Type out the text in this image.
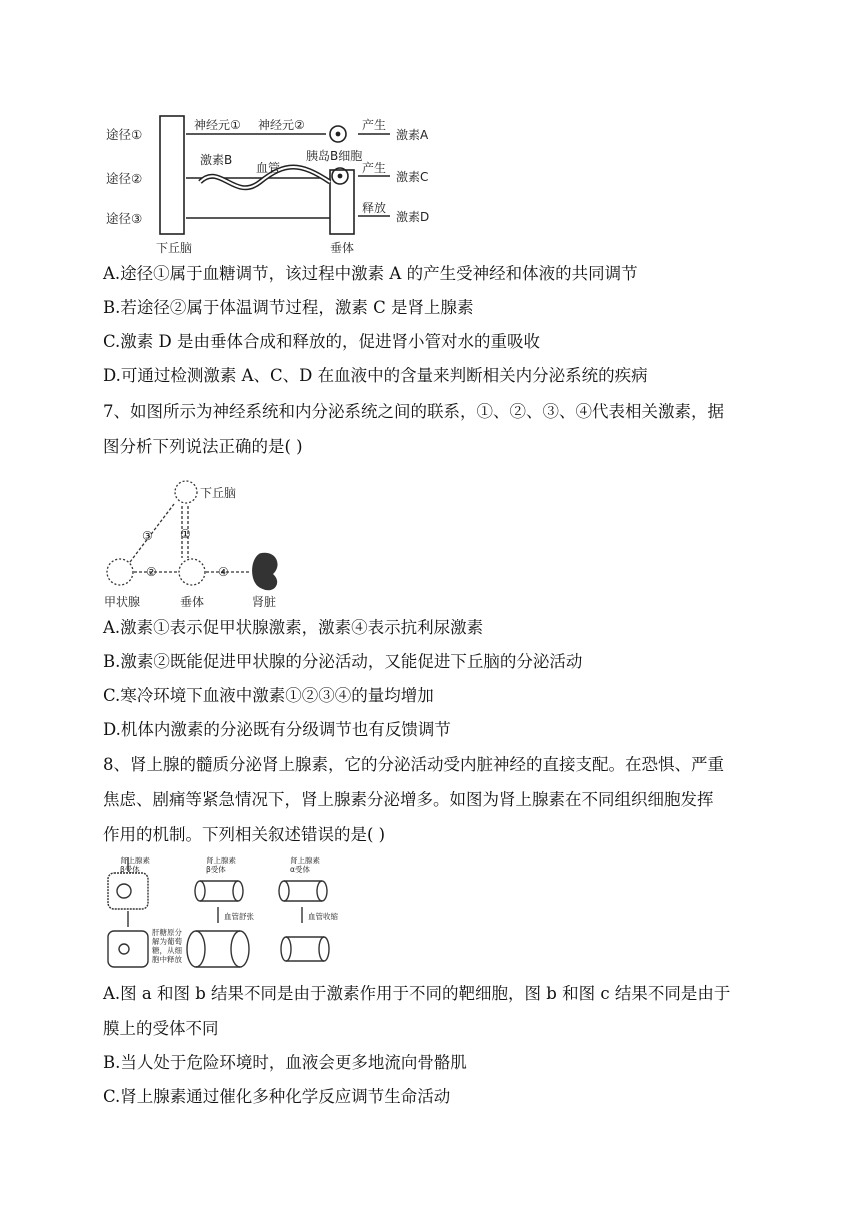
途径①
途径②
途径③
神经元① 神经元②	产生
激素A
激素B
血管
胰岛B细胞
产生
激素C
释放
激素D
下丘脑	垂体
A.途径①属于血糖调节，该过程中激素 A 的产生受神经和体液的共同调节
B.若途径②属于体温调节过程，激素 C 是肾上腺素
C.激素 D 是由垂体合成和释放的，促进肾小管对水的重吸收
D.可通过检测激素 A、C、D 在血液中的含量来判断相关内分泌系统的疾病
7、如图所示为神经系统和内分泌系统之间的联系，①、②、③、④代表相关激素，据
图分析下列说法正确的是( )
下丘脑
甲状腺	垂体	肾脏
①
②
③
④
A.激素①表示促甲状腺激素，激素④表示抗利尿激素
B.激素②既能促进甲状腺的分泌活动，又能促进下丘脑的分泌活动
C.寒冷环境下血液中激素①②③④的量均增加
D.机体内激素的分泌既有分级调节也有反馈调节
8、肾上腺的髓质分泌肾上腺素，它的分泌活动受内脏神经的直接支配。在恐惧、严重
焦虑、剧痛等紧急情况下，肾上腺素分泌增多。如图为肾上腺素在不同组织细胞发挥
作用的机制。下列相关叙述错误的是( )
肾上腺素
β受体
肝糖原分
解为葡萄
糖，从细
胞中释放
肾上腺素
β受体
血管舒张
肾上腺素
α受体
血管收缩
A.图 a 和图 b 结果不同是由于激素作用于不同的靶细胞，图 b 和图 c 结果不同是由于
膜上的受体不同
B.当人处于危险环境时，血液会更多地流向骨骼肌
C.肾上腺素通过催化多种化学反应调节生命活动
